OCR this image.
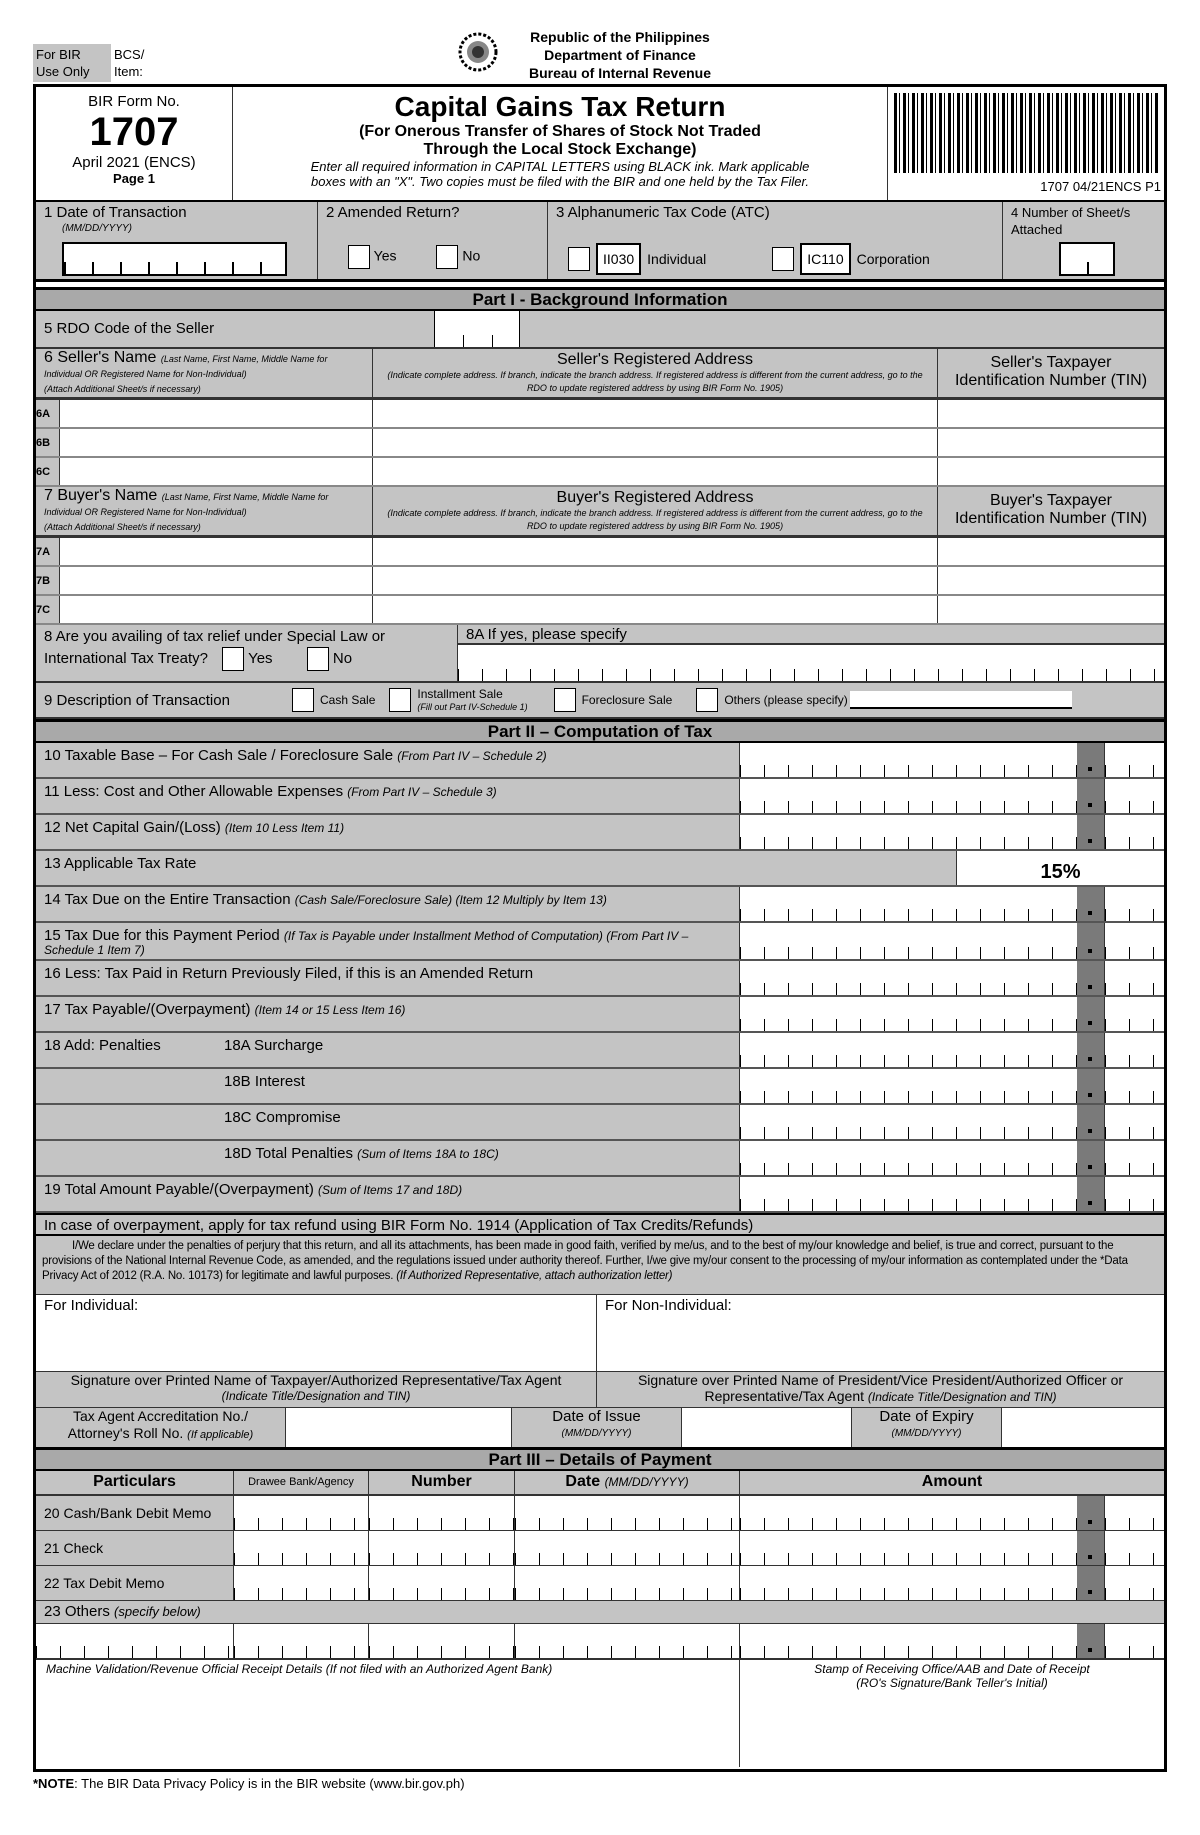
For BIR
Use Only
BCS/
Item:
Republic of the Philippines
Department of Finance
Bureau of Internal Revenue
BIR Form No.
1707
April 2021 (ENCS)
Page 1
Capital Gains Tax Return
(For Onerous Transfer of Shares of Stock Not Traded
Through the Local Stock Exchange)
Enter all required information in CAPITAL LETTERS using BLACK ink. Mark applicable
boxes with an "X". Two copies must be filed with the BIR and one held by the Tax Filer.	1707 04/21ENCS P1
1 Date of Transaction
(MM/DD/YYYY)
2 Amended Return?
Yes	No
3 Alphanumeric Tax Code (ATC)
II030 Individual	IC110 Corporation
4 Number of Sheet/s
Attached
Part I - Background Information
5 RDO Code of the Seller
6 Seller's Name (Last Name, First Name, Middle Name for Individual OR Registered Name for Non-Individual)
(Attach Additional Sheet/s if necessary)
Seller's Registered Address
(Indicate complete address. If branch, indicate the branch address. If registered address is different from the current address, go to the RDO to update registered address by using BIR Form No. 1905)
Seller's Taxpayer
Identification Number (TIN)
6A
6B
6C
7 Buyer's Name (Last Name, First Name, Middle Name for Individual OR Registered Name for Non-Individual)
(Attach Additional Sheet/s if necessary)
Buyer's Registered Address
(Indicate complete address. If branch, indicate the branch address. If registered address is different from the current address, go to the RDO to update registered address by using BIR Form No. 1905)
Buyer's Taxpayer
Identification Number (TIN)
7A
7B
7C
8 Are you availing of tax relief under Special Law or
International Tax Treaty?	Yes	No
8A If yes, please specify
9 Description of Transaction	Cash Sale	Installment Sale
(Fill out Part IV-Schedule 1)	Foreclosure Sale	Others (please specify)
Part II – Computation of Tax
10 Taxable Base – For Cash Sale / Foreclosure Sale (From Part IV – Schedule 2)
11 Less: Cost and Other Allowable Expenses (From Part IV – Schedule 3)
12 Net Capital Gain/(Loss) (Item 10 Less Item 11)
13 Applicable Tax Rate	15%
14 Tax Due on the Entire Transaction (Cash Sale/Foreclosure Sale) (Item 12 Multiply by Item 13)
15 Tax Due for this Payment Period (If Tax is Payable under Installment Method of Computation) (From Part IV – Schedule 1 Item 7)
16 Less: Tax Paid in Return Previously Filed, if this is an Amended Return
17 Tax Payable/(Overpayment) (Item 14 or 15 Less Item 16)
18 Add: Penalties	18A Surcharge
18B Interest
18C Compromise
18D Total Penalties (Sum of Items 18A to 18C)
19 Total Amount Payable/(Overpayment) (Sum of Items 17 and 18D)
In case of overpayment, apply for tax refund using BIR Form No. 1914 (Application of Tax Credits/Refunds)
I/We declare under the penalties of perjury that this return, and all its attachments, has been made in good faith, verified by me/us, and to the best of my/our knowledge and belief, is true and correct, pursuant to the provisions of the National Internal Revenue Code, as amended, and the regulations issued under authority thereof. Further, I/we give my/our consent to the processing of my/our information as contemplated under the *Data Privacy Act of 2012 (R.A. No. 10173) for legitimate and lawful purposes. (If Authorized Representative, attach authorization letter)
For Individual:	For Non-Individual:
Signature over Printed Name of Taxpayer/Authorized Representative/Tax Agent
(Indicate Title/Designation and TIN)
Signature over Printed Name of President/Vice President/Authorized Officer or
Representative/Tax Agent (Indicate Title/Designation and TIN)
Tax Agent Accreditation No./
Attorney's Roll No. (If applicable)
Date of Issue
(MM/DD/YYYY)
Date of Expiry
(MM/DD/YYYY)
Part III – Details of Payment
Particulars	Drawee Bank/Agency	Number	Date (MM/DD/YYYY)	Amount
20 Cash/Bank Debit Memo
21 Check
22 Tax Debit Memo
23 Others (specify below)
Machine Validation/Revenue Official Receipt Details (If not filed with an Authorized Agent Bank)	Stamp of Receiving Office/AAB and Date of Receipt
(RO's Signature/Bank Teller's Initial)
*NOTE: The BIR Data Privacy Policy is in the BIR website (www.bir.gov.ph)
